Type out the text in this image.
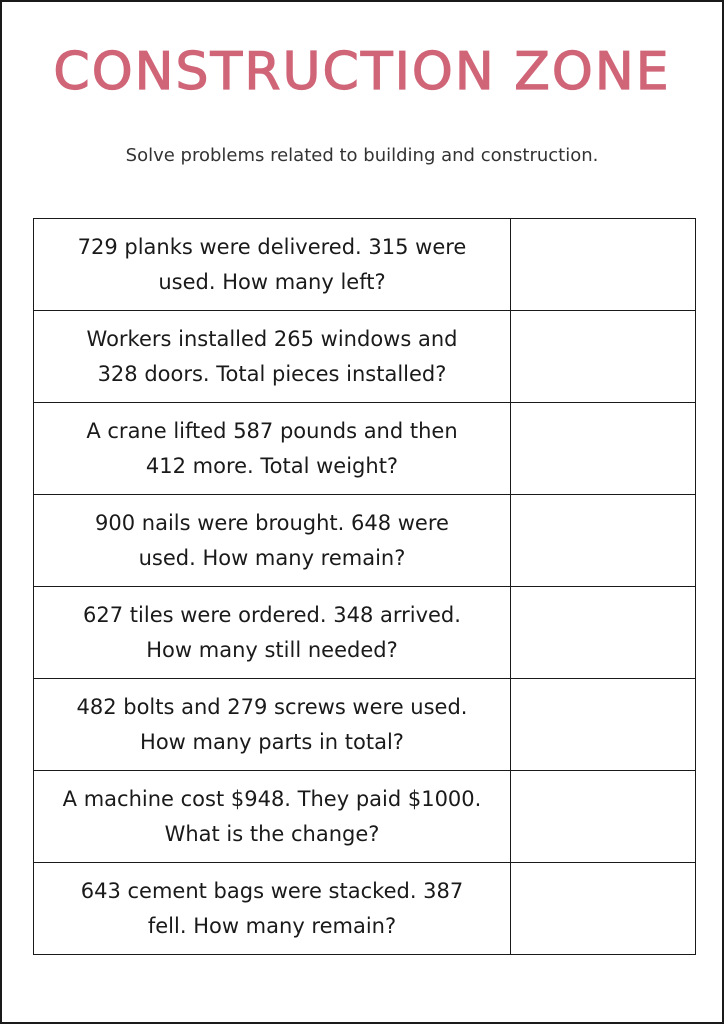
CONSTRUCTION ZONE
Solve problems related to building and construction.
729 planks were delivered. 315 were
used. How many left?	

Workers installed 265 windows and
328 doors. Total pieces installed?	

A crane lifted 587 pounds and then
412 more. Total weight?	

900 nails were brought. 648 were
used. How many remain?	

627 tiles were ordered. 348 arrived.
How many still needed?	

482 bolts and 279 screws were used.
How many parts in total?	

A machine cost $948. They paid $1000.
What is the change?	

643 cement bags were stacked. 387
fell. How many remain?	
